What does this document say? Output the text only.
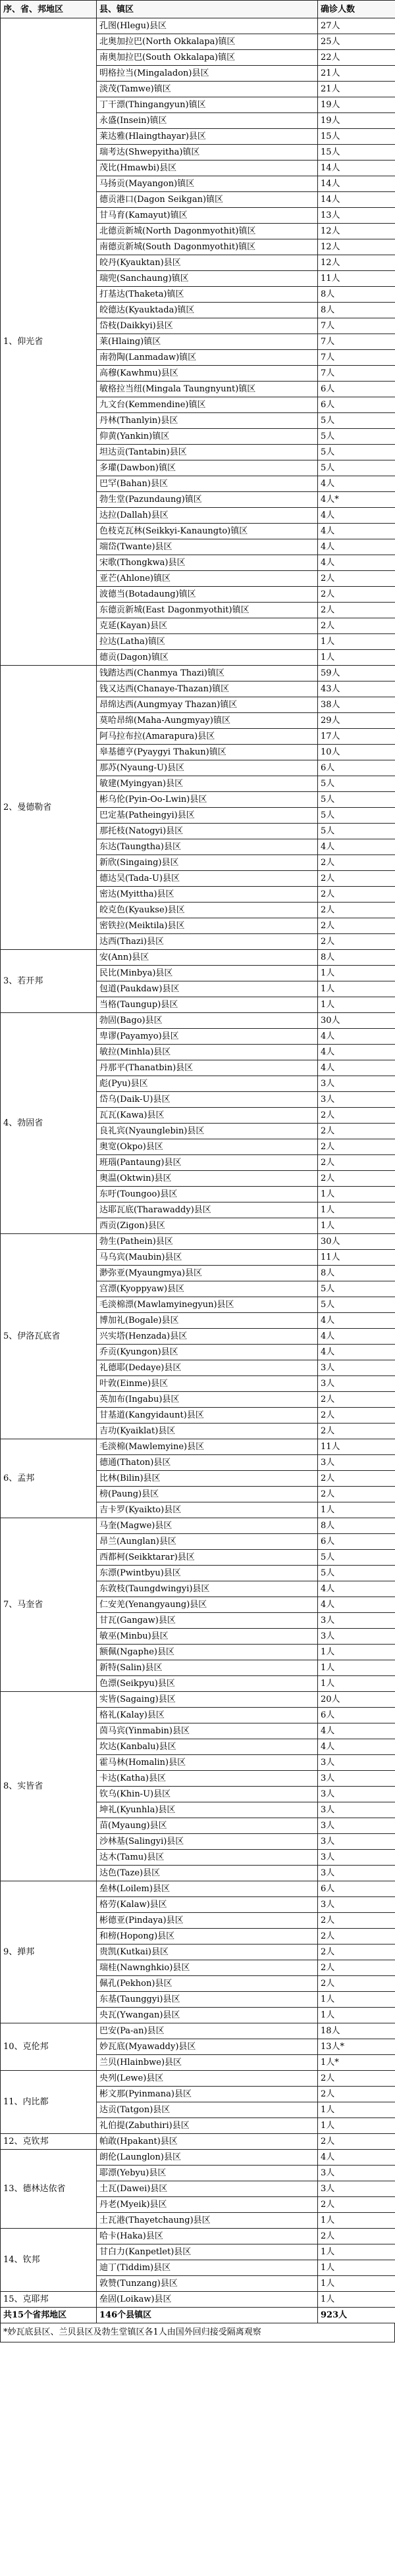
序、省、邦地区	县、镇区	确诊人数
1、仰光省	孔图(Hlegu)县区	27人
	北奥加拉巴(North Okkalapa)镇区	25人
	南奥加拉巴(South Okkalapa)镇区	22人
	明格拉当(Mingaladon)县区	21人
	淡茂(Tamwe)镇区	21人
	丁干漂(Thingangyun)镇区	19人
	永盛(Insein)镇区	19人
	莱达雅(Hlaingthayar)县区	15人
	瑞考达(Shwepyitha)镇区	15人
	茂比(Hmawbi)县区	14人
	马扬贡(Mayangon)镇区	14人
	德贡港口(Dagon Seikgan)镇区	14人
	甘马育(Kamayut)镇区	13人
	北德贡新城(North Dagonmyothit)镇区	12人
	南德贡新城(South Dagonmyothit)镇区	12人
	皎丹(Kyauktan)县区	12人
	瑞兜(Sanchaung)镇区	11人
	打基达(Thaketa)镇区	8人
	皎德达(Kyauktada)镇区	8人
	岱枝(Daikkyi)县区	7人
	莱(Hlaing)镇区	7人
	南勃陶(Lanmadaw)镇区	7人
	高穆(Kawhmu)县区	7人
	敏格拉当纽(Mingala Taungnyunt)镇区	6人
	九文台(Kemmendine)镇区	6人
	丹林(Thanlyin)县区	5人
	仰黄(Yankin)镇区	5人
	坦达贡(Tantabin)县区	5人
	多瓘(Dawbon)镇区	5人
	巴罕(Bahan)县区	4人
	勃生堂(Pazundaung)镇区	4人*
	达拉(Dallah)县区	4人
	色枝克瓦林(Seikkyi-Kanaungto)镇区	4人
	端岱(Twante)县区	4人
	宋歌(Thongkwa)县区	4人
	亚芒(Ahlone)镇区	2人
	波德当(Botadaung)镇区	2人
	东德贡新城(East Dagonmyothit)镇区	2人
	克延(Kayan)县区	2人
	拉达(Latha)镇区	1人
	德贡(Dagon)镇区	1人
2、曼德勒省	钱踏达西(Chanmya Thazi)镇区	59人
	钱又达西(Chanaye-Thazan)镇区	43人
	昂绵达西(Aungmyay Thazan)镇区	38人
	莫哈昂绵(Maha-Aungmyay)镇区	29人
	阿马拉布拉(Amarapura)县区	17人
	皋基德亨(Pyaygyi Thakun)镇区	10人
	那苏(Nyaung-U)县区	6人
	敏建(Myingyan)县区	5人
	彬乌伦(Pyin-Oo-Lwin)县区	5人
	巴定基(Patheingyi)县区	5人
	那托枝(Natogyi)县区	5人
	东达(Taungtha)县区	4人
	新欣(Singaing)县区	2人
	德达吴(Tada-U)县区	2人
	密达(Myittha)县区	2人
	皎克色(Kyaukse)县区	2人
	密铁拉(Meiktila)县区	2人
	达西(Thazi)县区	2人
3、若开邦	安(Ann)县区	8人
	民比(Minbya)县区	1人
	包道(Paukdaw)县区	1人
	当格(Taungup)县区	1人
4、勃固省	勃固(Bago)县区	30人
	卑谬(Payamyo)县区	4人
	敏拉(Minhla)县区	4人
	丹那平(Thanatbin)县区	4人
	彪(Pyu)县区	3人
	岱乌(Daik-U)县区	3人
	瓦瓦(Kawa)县区	2人
	良礼宾(Nyaunglebin)县区	2人
	奥宽(Okpo)县区	2人
	班瑙(Pantaung)县区	2人
	奥温(Oktwin)县区	2人
	东吁(Toungoo)县区	1人
	达耶瓦底(Tharawaddy)县区	1人
	西贡(Zigon)县区	1人
5、伊洛瓦底省	勃生(Pathein)县区	30人
	马乌宾(Maubin)县区	11人
	渺弥亚(Myaungmya)县区	8人
	宫漂(Kyoppyaw)县区	5人
	毛淡棉漂(Mawlamyinegyun)县区	5人
	博加礼(Bogale)县区	4人
	兴实塔(Henzada)县区	4人
	乔贡(Kyungon)县区	4人
	礼德耶(Dedaye)县区	3人
	叶敦(Einme)县区	3人
	英加布(Ingabu)县区	2人
	甘基道(Kangyidaunt)县区	2人
	吉功(Kyaiklat)县区	2人
6、孟邦	毛淡棉(Mawlemyine)县区	11人
	德通(Thaton)县区	3人
	比林(Bilin)县区	2人
	榜(Paung)县区	2人
	吉卡罗(Kyaikto)县区	1人
7、马奎省	马奎(Magwe)县区	8人
	昂兰(Aunglan)县区	6人
	西都柯(Seikktarar)县区	5人
	东漂(Pwintbyu)县区	5人
	东敦枝(Taungdwingyi)县区	4人
	仁安羌(Yenangyaung)县区	4人
	甘瓦(Gangaw)县区	3人
	敏巫(Minbu)县区	3人
	额佩(Ngaphe)县区	1人
	新特(Salin)县区	1人
	色漂(Seikpyu)县区	1人
8、实皆省	实皆(Sagaing)县区	20人
	格礼(Kalay)县区	6人
	茵马宾(Yinmabin)县区	4人
	坎达(Kanbalu)县区	4人
	霍马林(Homalin)县区	3人
	卡达(Katha)县区	3人
	钦乌(Khin-U)县区	3人
	坤礼(Kyunhla)县区	3人
	苗(Myaung)县区	3人
	沙林基(Salingyi)县区	3人
	达木(Tamu)县区	3人
	达色(Taze)县区	3人
9、掸邦	垒林(Loilem)县区	6人
	格劳(Kalaw)县区	3人
	彬德亚(Pindaya)县区	2人
	和榜(Hopong)县区	2人
	贵凯(Kutkai)县区	2人
	瑞桂(Nawnghkio)县区	2人
	佩孔(Pekhon)县区	2人
	东基(Taunggyi)县区	1人
	央瓦(Ywangan)县区	1人
10、克伦邦	巴安(Pa-an)县区	18人
	妙瓦底(Myawaddy)县区	13人*
	兰贝(Hlainbwe)县区	1人*
11、内比都	央列(Lewe)县区	2人
	彬文那(Pyinmana)县区	2人
	达贡(Tatgon)县区	1人
	礼伯提(Zabuthiri)县区	1人
12、克钦邦	帕敢(Hpakant)县区	2人
13、德林达依省	朗伦(Launglon)县区	4人
	耶漂(Yebyu)县区	3人
	土瓦(Dawei)县区	3人
	丹老(Myeik)县区	2人
	土瓦港(Thayetchaung)县区	1人
14、钦邦	哈卡(Haka)县区	2人
	甘白力(Kanpetlet)县区	1人
	迪丁(Tiddim)县区	1人
	敦赞(Tunzang)县区	1人
15、克耶邦	垒固(Loikaw)县区	1人
共15个省邦地区	146个县镇区	923人
*妙瓦底县区、兰贝县区及勃生堂镇区各1人由国外回归接受隔离观察
